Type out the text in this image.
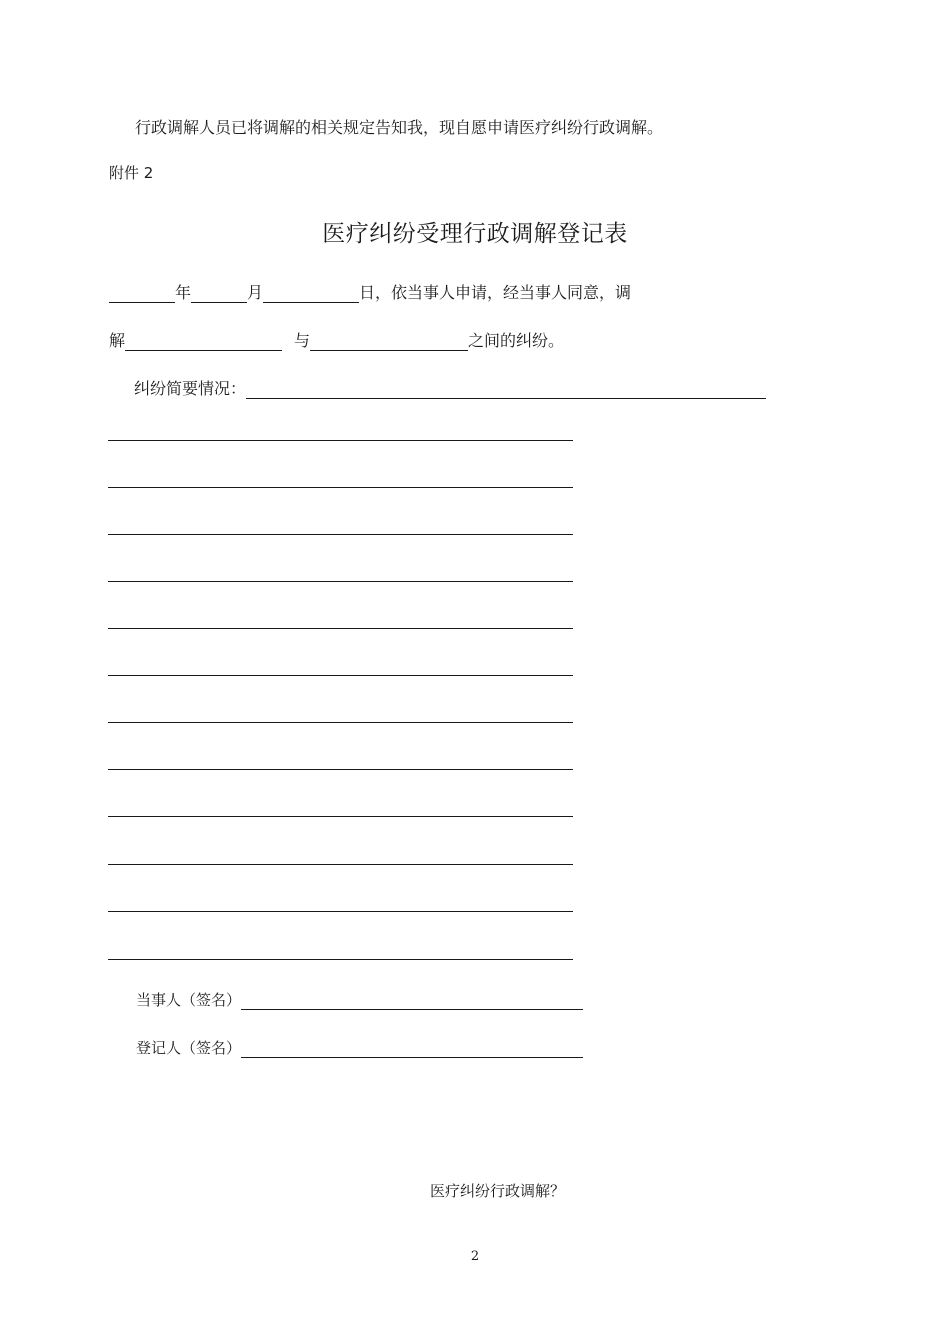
行政调解人员已将调解的相关规定告知我，现自愿申请医疗纠纷行政调解。
附件 2
医疗纠纷受理行政调解登记表
年	月	日，依当事人申请，经当事人同意，调
解	与	之间的纠纷。
纠纷简要情况：
当事人（签名）
登记人（签名）
医疗纠纷行政调解？
2
